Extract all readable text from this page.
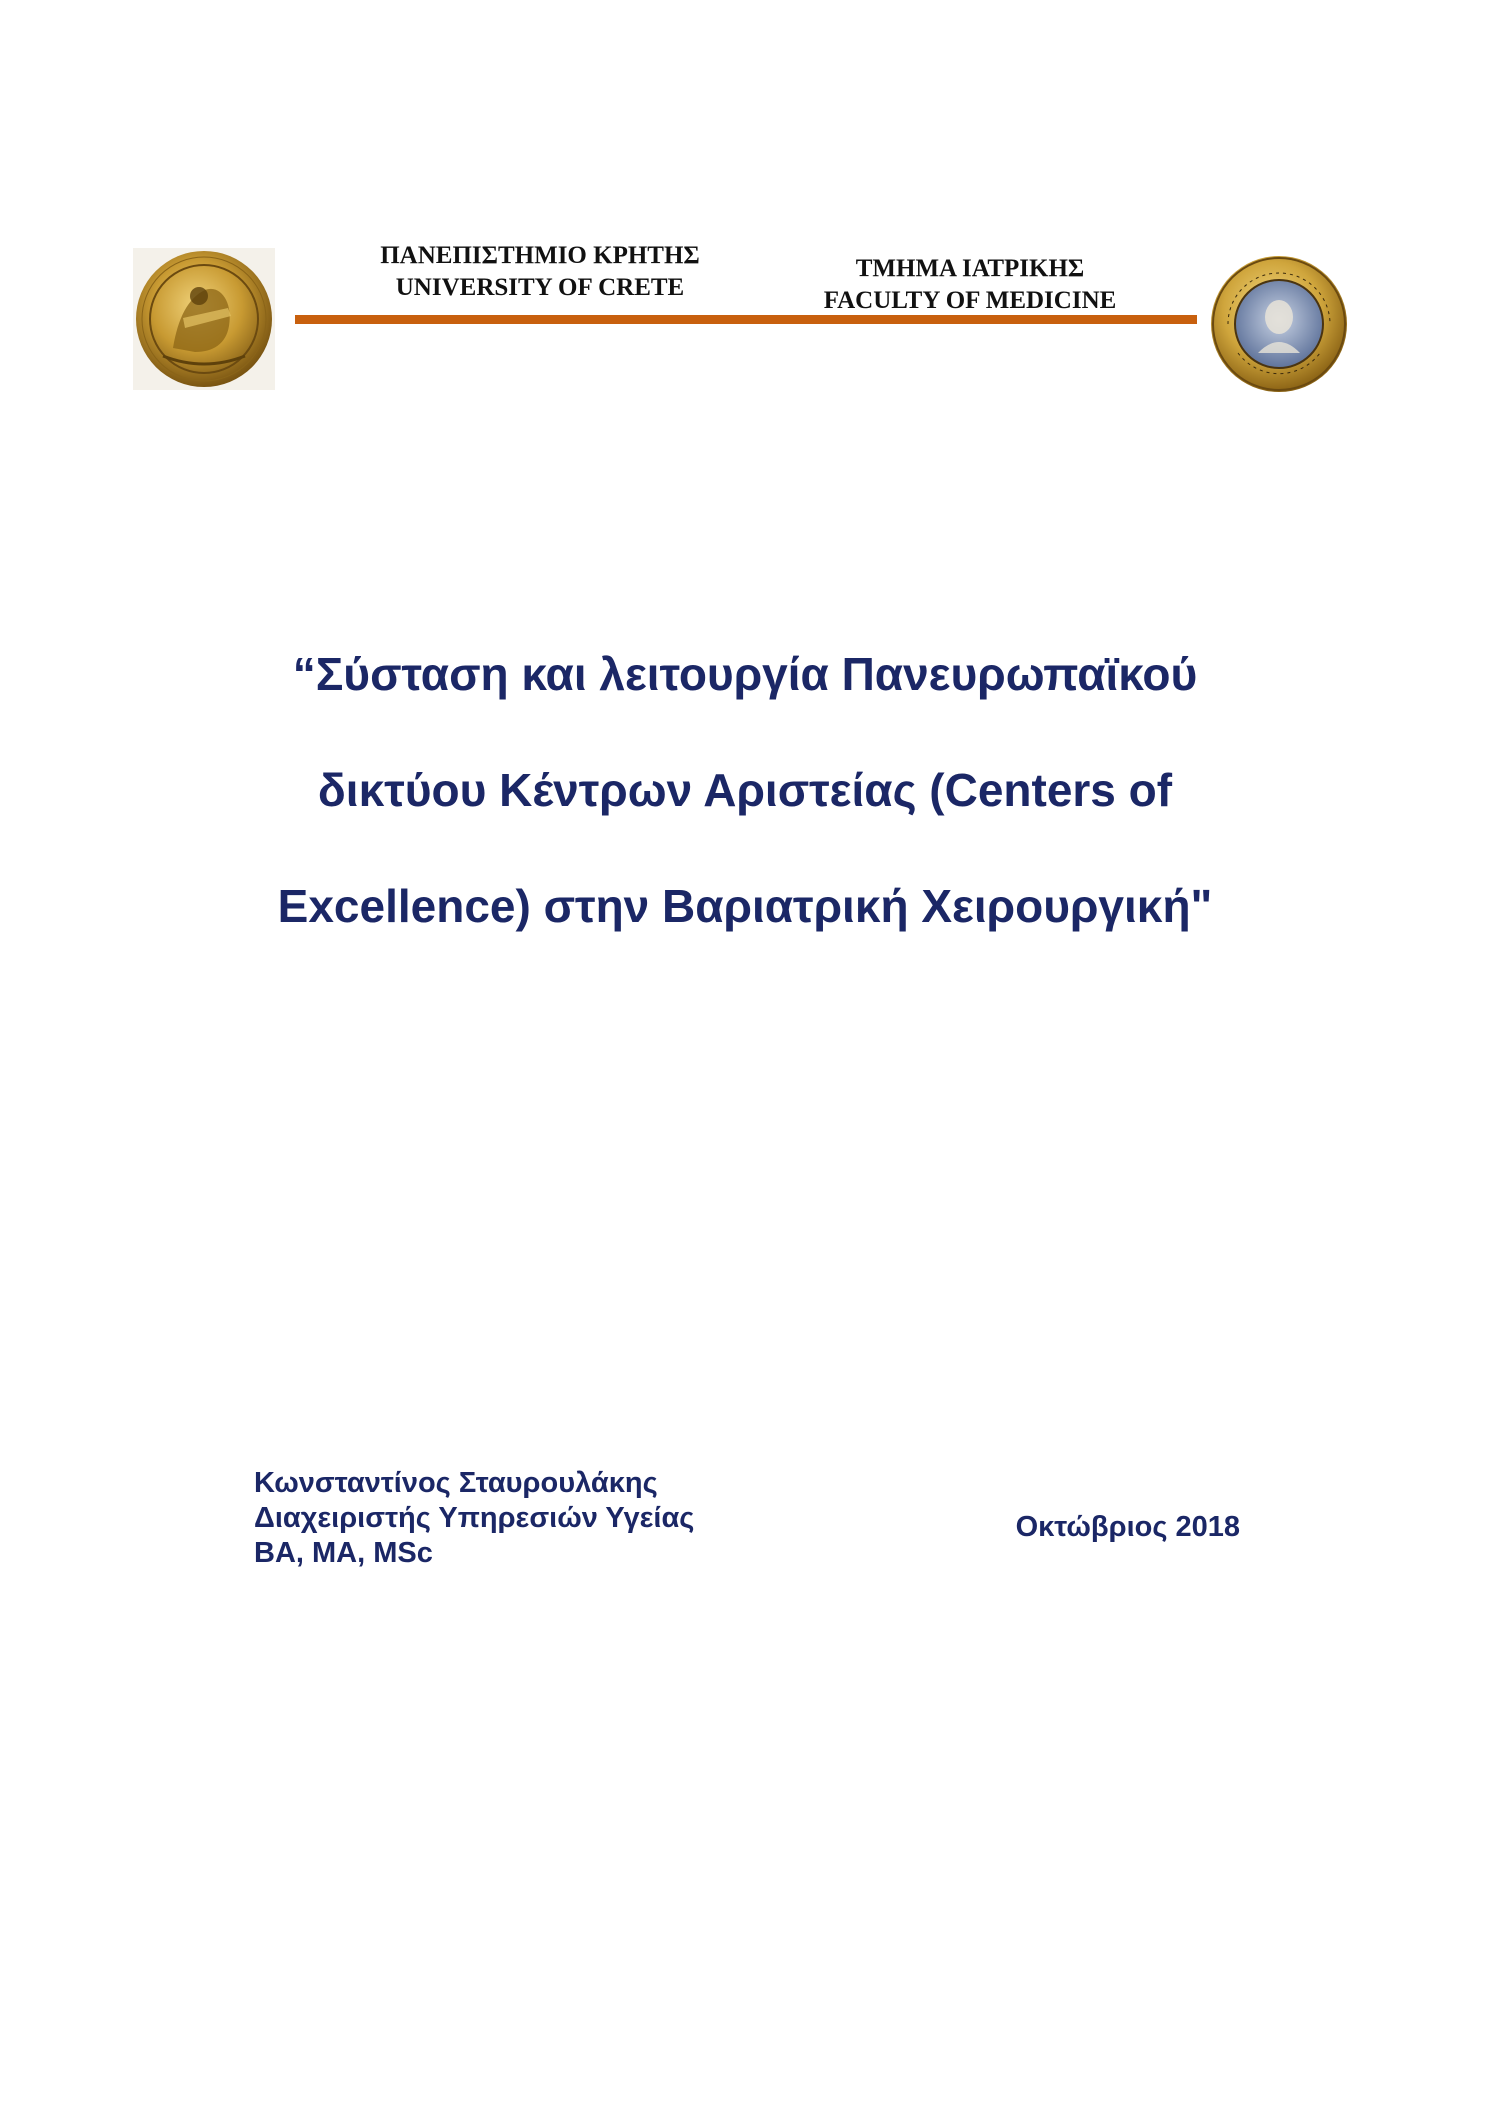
ΠΑΝΕΠΙΣΤΗΜΙΟ ΚΡΗΤΗΣ
UNIVERSITY OF CRETE
ΤΜΗΜΑ ΙΑΤΡΙΚΗΣ
FACULTY OF MEDICINE
“Σύσταση και λειτουργία Πανευρωπαϊκού
δικτύου Κέντρων Αριστείας (Centers of
Excellence) στην Βαριατρική Χειρουργική"
Κωνσταντίνος Σταυρουλάκης
Διαχειριστής Υπηρεσιών Υγείας
BA, MA, MSc
Οκτώβριος 2018
